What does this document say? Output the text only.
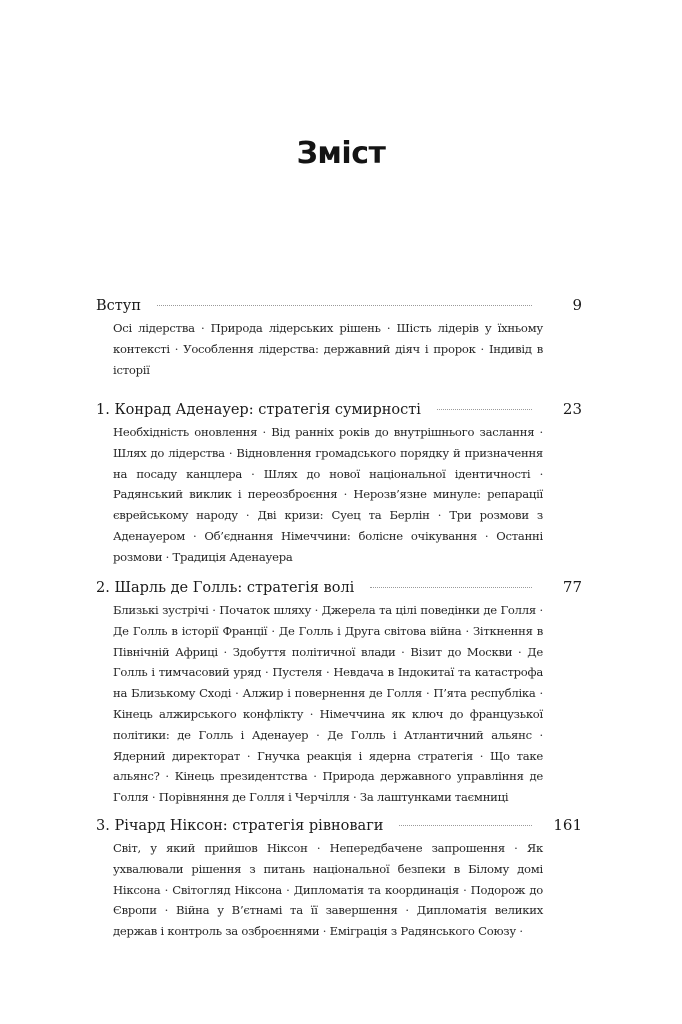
Зміст
Вступ	9
Осі лідерства · Природа лідерських рішень · Шість лідерів у їхньому контексті · Уособлення лідерства: державний діяч і пророк · Індивід в історії
1. Конрад Аденауер: стратегія сумирності	23
Необхідність оновлення · Від ранніх років до внутрішнього заслання · Шлях до лідерства · Відновлення громадського порядку й призначення на посаду канцлера · Шлях до нової національної ідентичності · Радянський виклик і переозброєння · Нерозв’язне минуле: репарації єврейському народу · Дві кризи: Суец та Берлін · Три розмови з Аденауером · Об’єднання Німеччини: болісне очікування · Останні розмови · Традиція Аденауера
2. Шарль де Голль: стратегія волі	77
Близькі зустрічі · Початок шляху · Джерела та цілі поведінки де Голля · Де Голль в історії Франції · Де Голль і Друга світова війна · Зіткнення в Північній Африці · Здобуття політичної влади · Візит до Москви · Де Голль і тимчасовий уряд · Пустеля · Невдача в Індокитаї та катастрофа на Близькому Сході · Алжир і повернення де Голля · П’ята республіка · Кінець алжирського конфлікту · Німеччина як ключ до французької політики: де Голль і Аденауер · Де Голль і Атлантичний альянс · Ядерний директорат · Гнучка реакція і ядерна стратегія · Що таке альянс? · Кінець президентства · Природа державного управління де Голля · Порівняння де Голля і Черчілля · За лаштунками таємниці
3. Річард Ніксон: стратегія рівноваги	161
Світ, у який прийшов Ніксон · Непередбачене запрошення · Як ухвалювали рішення з питань національної безпеки в Білому домі Ніксона · Світогляд Ніксона · Дипломатія та координація · Подорож до Європи · Війна у В’єтнамі та її завершення · Дипломатія великих держав і контроль за озброєннями · Еміграція з Радянського Союзу ·
